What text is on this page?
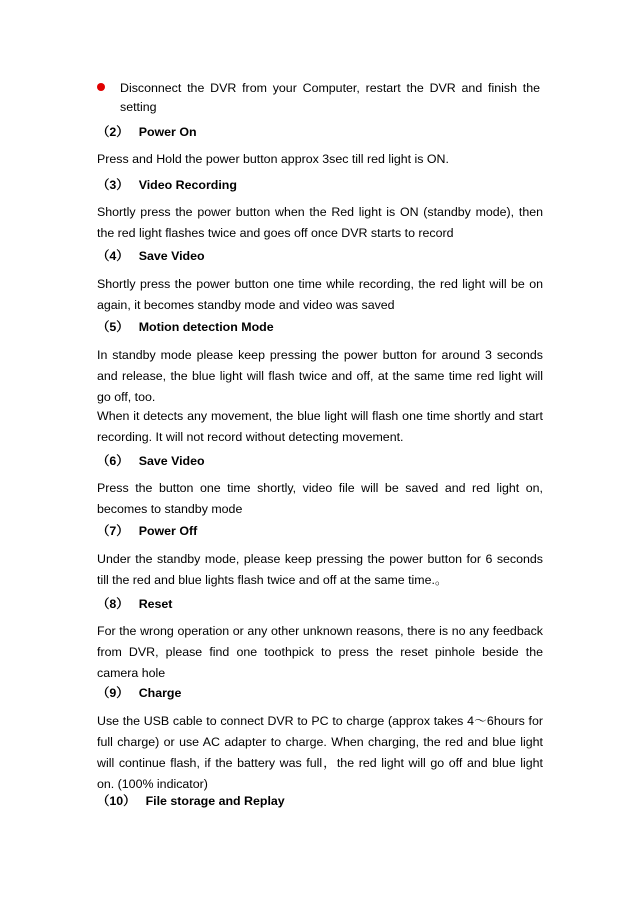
Disconnect the DVR from your Computer, restart the DVR and finish the setting
（2） Power On
Press and Hold the power button approx 3sec till red light is ON.
（3） Video Recording
Shortly press the power button when the Red light is ON (standby mode), then the red light flashes twice and goes off once DVR starts to record
（4） Save Video
Shortly press the power button one time while recording, the red light will be on again, it becomes standby mode and video was saved
（5） Motion detection Mode
In standby mode please keep pressing the power button for around 3 seconds and release, the blue light will flash twice and off, at the same time red light will go off, too.
When it detects any movement, the blue light will flash one time shortly and start recording. It will not record without detecting movement.
（6） Save Video
Press the button one time shortly, video file will be saved and red light on, becomes to standby mode
（7） Power Off
Under the standby mode, please keep pressing the power button for 6 seconds till the red and blue lights flash twice and off at the same time.。
（8） Reset
For the wrong operation or any other unknown reasons, there is no any feedback from DVR, please find one toothpick to press the reset pinhole beside the camera hole
（9） Charge
Use the USB cable to connect DVR to PC to charge (approx takes 4～6hours for full charge) or use AC adapter to charge. When charging, the red and blue light will continue flash, if the battery was full，the red light will go off and blue light on. (100% indicator)
（10） File storage and Replay
